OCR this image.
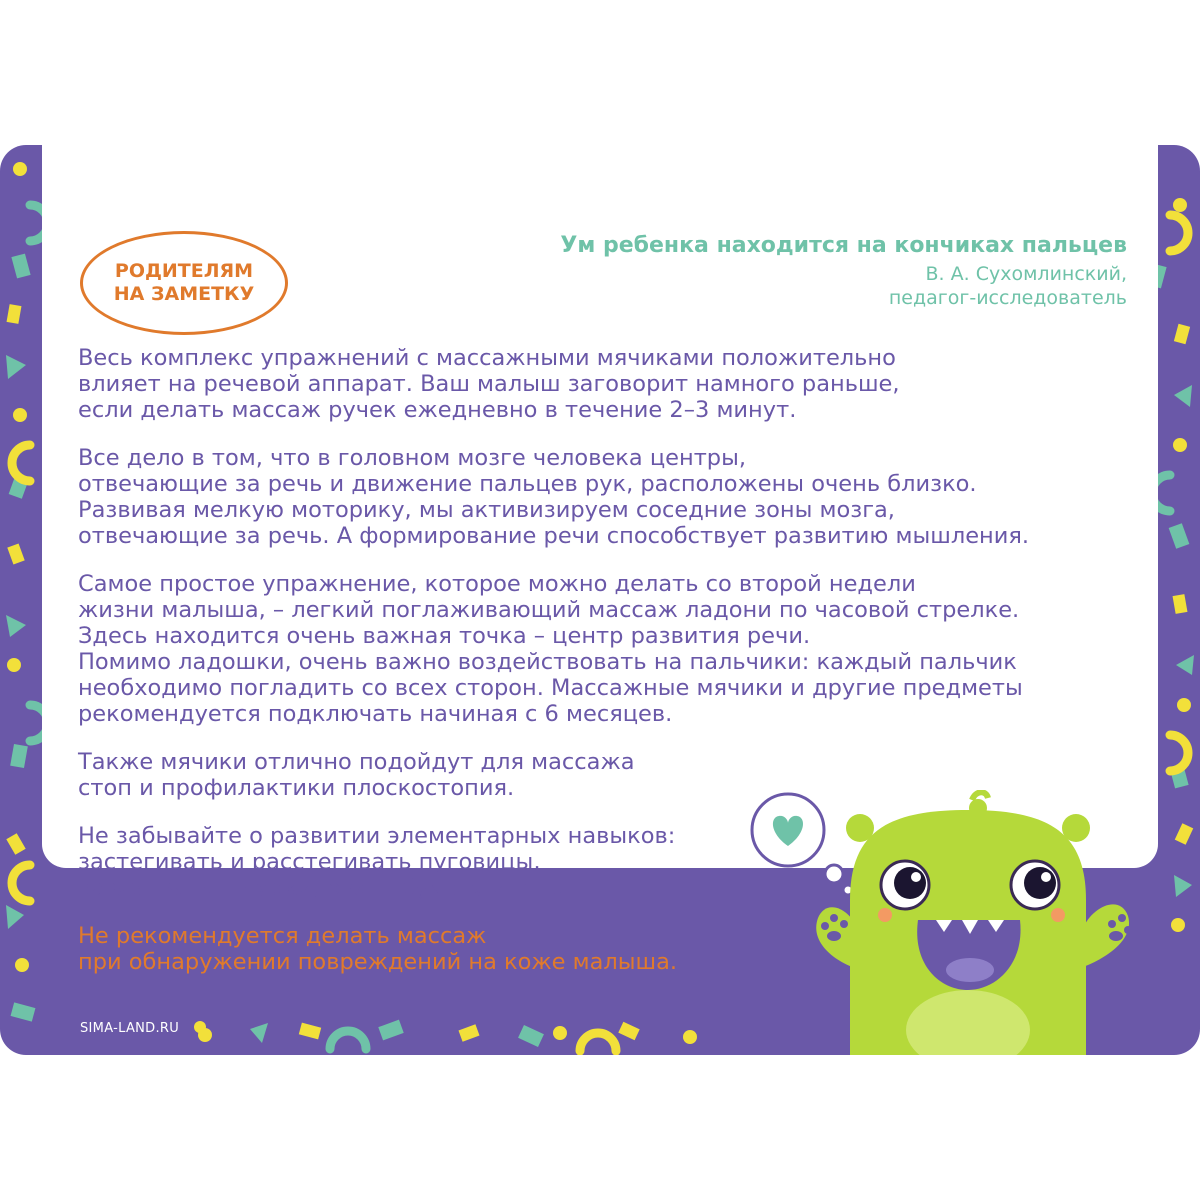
РОДИТЕЛЯМ
НА ЗАМЕТКУ
Ум ребенка находится на кончиках пальцев
В. А. Сухомлинский,
педагог-исследователь

Весь комплекс упражнений с массажными мячиками положительно
влияет на речевой аппарат. Ваш малыш заговорит намного раньше,
если делать массаж ручек ежедневно в течение 2–3 минут.

Все дело в том, что в головном мозге человека центры,
отвечающие за речь и движение пальцев рук, расположены очень близко.
Развивая мелкую моторику, мы активизируем соседние зоны мозга,
отвечающие за речь. А формирование речи способствует развитию мышления.

Самое простое упражнение, которое можно делать со второй недели
жизни малыша, – легкий поглаживающий массаж ладони по часовой стрелке.
Здесь находится очень важная точка – центр развития речи.
Помимо ладошки, очень важно воздействовать на пальчики: каждый пальчик
необходимо погладить со всех сторон. Массажные мячики и другие предметы
рекомендуется подключать начиная с 6 месяцев.

Также мячики отлично подойдут для массажа
стоп и профилактики плоскостопия.

Не забывайте о развитии элементарных навыков:
застегивать и расстегивать пуговицы,
завязывать шнурки, рвать бумагу и т. д.

Не рекомендуется делать массаж
при обнаружении повреждений на коже малыша.

SIMA-LAND.RU
